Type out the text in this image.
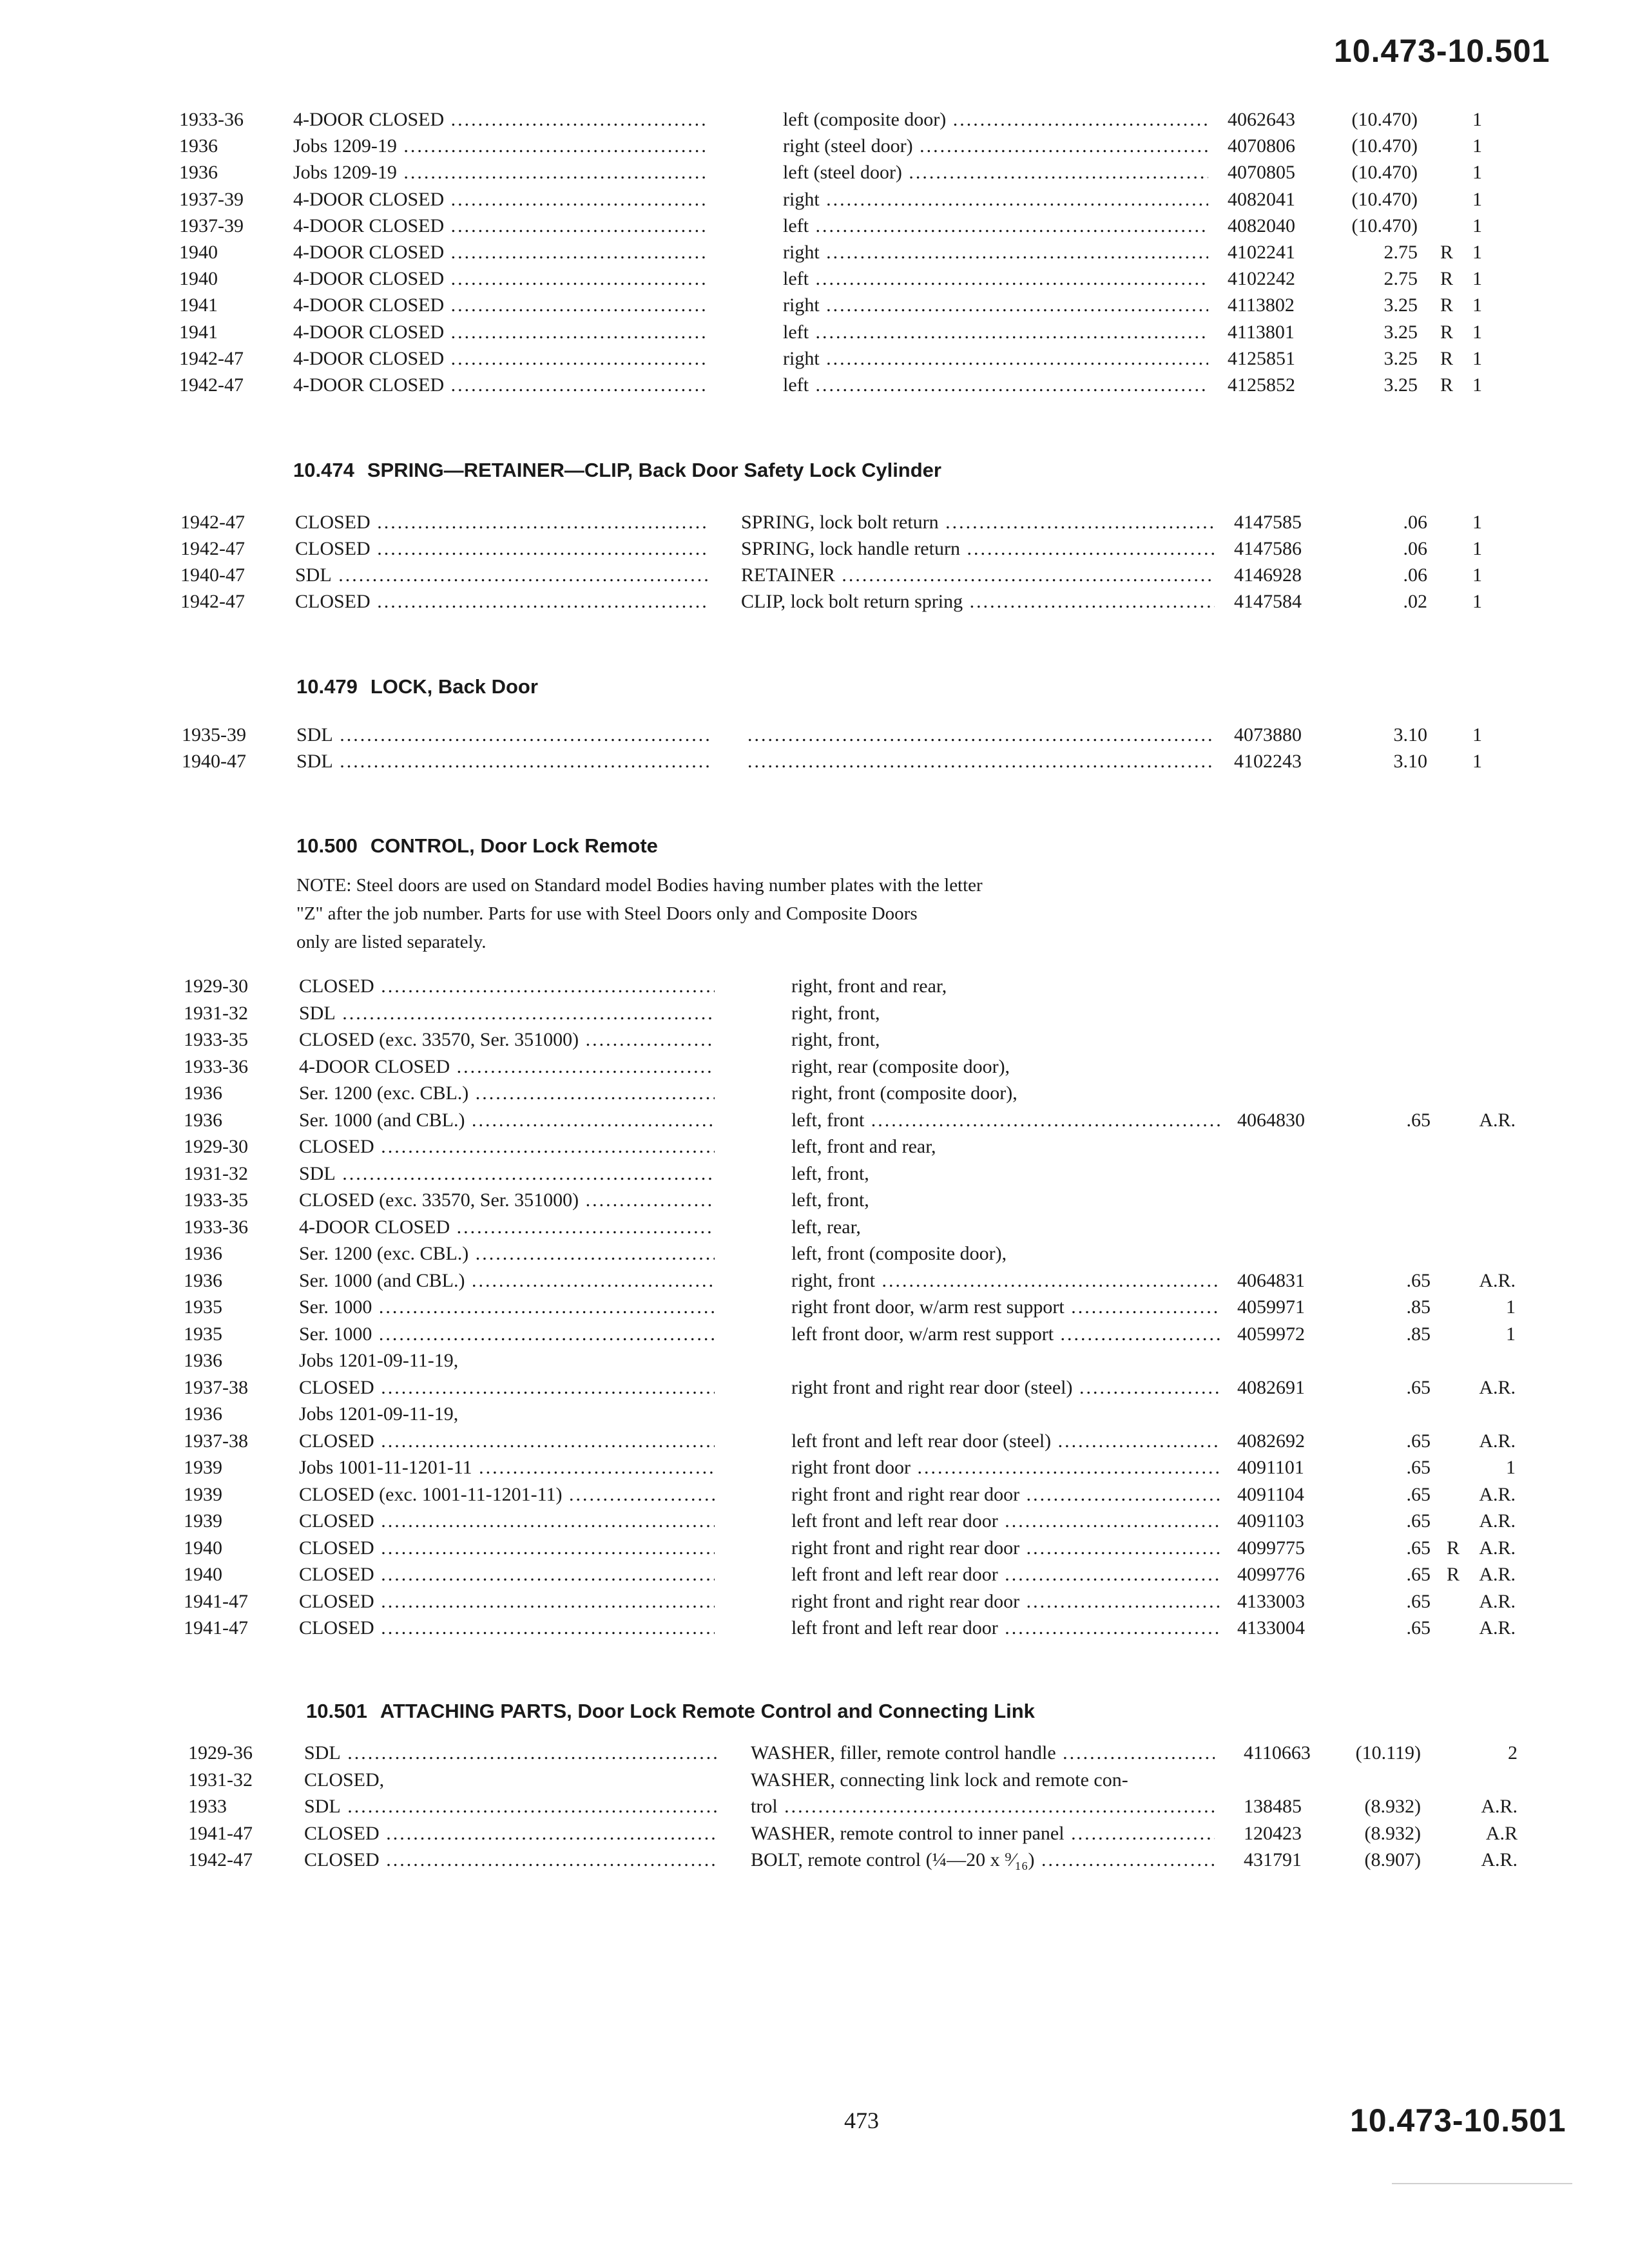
10.473-10.501
1933-36	4-DOOR CLOSED .....	left (composite door) .....	4062643	(10.470)	1
1936	Jobs 1209-19 .....	right (steel door) .....	4070806	(10.470)	1
1936	Jobs 1209-19 .....	left (steel door) .....	4070805	(10.470)	1
1937-39	4-DOOR CLOSED .....	right .....	4082041	(10.470)	1
1937-39	4-DOOR CLOSED .....	left .....	4082040	(10.470)	1
1940	4-DOOR CLOSED .....	right .....	4102241	2.75 R 1
1940	4-DOOR CLOSED .....	left .....	4102242	2.75 R 1
1941	4-DOOR CLOSED .....	right .....	4113802	3.25 R 1
1941	4-DOOR CLOSED .....	left .....	4113801	3.25 R 1
1942-47	4-DOOR CLOSED .....	right .....	4125851	3.25 R 1
1942-47	4-DOOR CLOSED .....	left .....	4125852	3.25 R 1
10.474 SPRING—RETAINER—CLIP, Back Door Safety Lock Cylinder
1942-47	CLOSED .....	SPRING, lock bolt return .....	4147585	.06	1
1942-47	CLOSED .....	SPRING, lock handle return .....	4147586	.06	1
1940-47	SDL .....	RETAINER .....	4146928	.06	1
1942-47	CLOSED .....	CLIP, lock bolt return spring .....	4147584	.02	1
10.479 LOCK, Back Door
1935-39	SDL ..... .....	4073880	3.10	1
1940-47	SDL ..... .....	4102243	3.10	1
10.500 CONTROL, Door Lock Remote
NOTE: Steel doors are used on Standard model Bodies having number plates with the letter
"Z" after the job number. Parts for use with Steel Doors only and Composite Doors
only are listed separately.
1929-30	CLOSED .....	right, front and rear,
1931-32	SDL .....	right, front,
1933-35	CLOSED (exc. 33570, Ser. 351000) .....	right, front,
1933-36	4-DOOR CLOSED .....	right, rear (composite door),
1936	Ser. 1200 (exc. CBL.) .....	right, front (composite door),
1936	Ser. 1000 (and CBL.) .....	left, front .....	4064830	.65	A.R.
1929-30	CLOSED .....	left, front and rear,
1931-32	SDL .....	left, front,
1933-35	CLOSED (exc. 33570, Ser. 351000) .....	left, front,
1933-36	4-DOOR CLOSED .....	left, rear,
1936	Ser. 1200 (exc. CBL.) .....	left, front (composite door),
1936	Ser. 1000 (and CBL.) .....	right, front .....	4064831	.65	A.R.
1935	Ser. 1000 .....	right front door, w/arm rest support .....	4059971	.85	1
1935	Ser. 1000 .....	left front door, w/arm rest support .....	4059972	.85	1
1936	Jobs 1201-09-11-19,
1937-38	CLOSED .....	right front and right rear door (steel) .....	4082691	.65	A.R.
1936	Jobs 1201-09-11-19,
1937-38	CLOSED .....	left front and left rear door (steel) .....	4082692	.65	A.R.
1939	Jobs 1001-11-1201-11 .....	right front door .....	4091101	.65	1
1939	CLOSED (exc. 1001-11-1201-11) .....	right front and right rear door .....	4091104	.65	A.R.
1939	CLOSED .....	left front and left rear door .....	4091103	.65	A.R.
1940	CLOSED .....	right front and right rear door .....	4099775	.65 R	A.R.
1940	CLOSED .....	left front and left rear door .....	4099776	.65 R	A.R.
1941-47	CLOSED .....	right front and right rear door .....	4133003	.65	A.R.
1941-47	CLOSED .....	left front and left rear door .....	4133004	.65	A.R.
10.501 ATTACHING PARTS, Door Lock Remote Control and Connecting Link
1929-36	SDL .....	WASHER, filler, remote control handle .....	4110663	(10.119)	2
1931-32	CLOSED,	WASHER, connecting link lock and remote con-
1933	SDL .....	trol .....	138485	(8.932)	A.R.
1941-47	CLOSED .....	WASHER, remote control to inner panel .....	120423	(8.932)	A.R
1942-47	CLOSED .....	BOLT, remote control (¼—20 x ⁹⁄₁₆) .....	431791	(8.907)	A.R.
473	10.473-10.501
